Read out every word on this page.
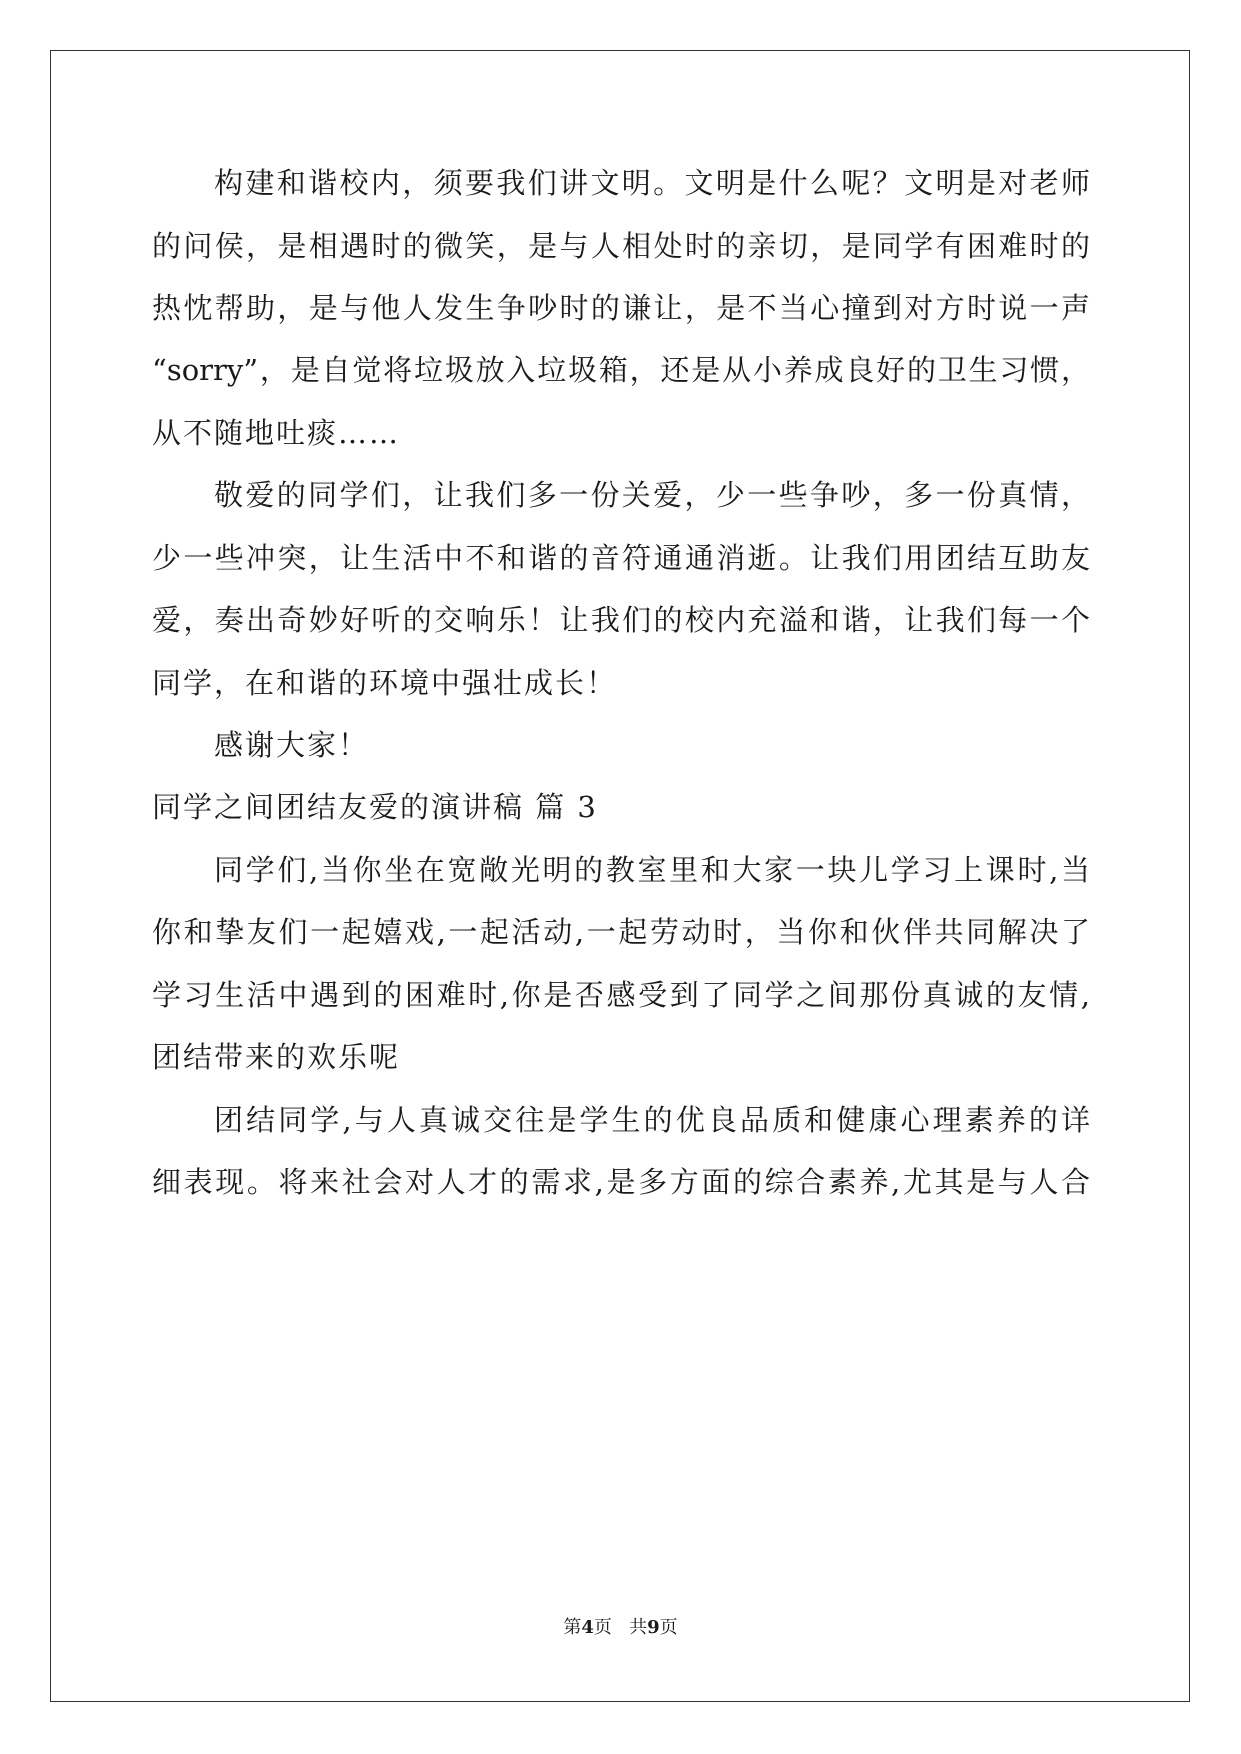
构建和谐校内，须要我们讲文明。文明是什么呢？文明是对老师
的问侯，是相遇时的微笑，是与人相处时的亲切，是同学有困难时的
热忱帮助，是与他人发生争吵时的谦让，是不当心撞到对方时说一声
“sorry”，是自觉将垃圾放入垃圾箱，还是从小养成良好的卫生习惯，
从不随地吐痰……
敬爱的同学们，让我们多一份关爱，少一些争吵，多一份真情，
少一些冲突，让生活中不和谐的音符通通消逝。让我们用团结互助友
爱，奏出奇妙好听的交响乐！让我们的校内充溢和谐，让我们每一个
同学，在和谐的环境中强壮成长！
感谢大家！
同学之间团结友爱的演讲稿 篇 3
同学们,当你坐在宽敞光明的教室里和大家一块儿学习上课时,当
你和挚友们一起嬉戏,一起活动,一起劳动时，当你和伙伴共同解决了
学习生活中遇到的困难时,你是否感受到了同学之间那份真诚的友情,
团结带来的欢乐呢
团结同学,与人真诚交往是学生的优良品质和健康心理素养的详
细表现。将来社会对人才的需求,是多方面的综合素养,尤其是与人合
第4页   共9页
